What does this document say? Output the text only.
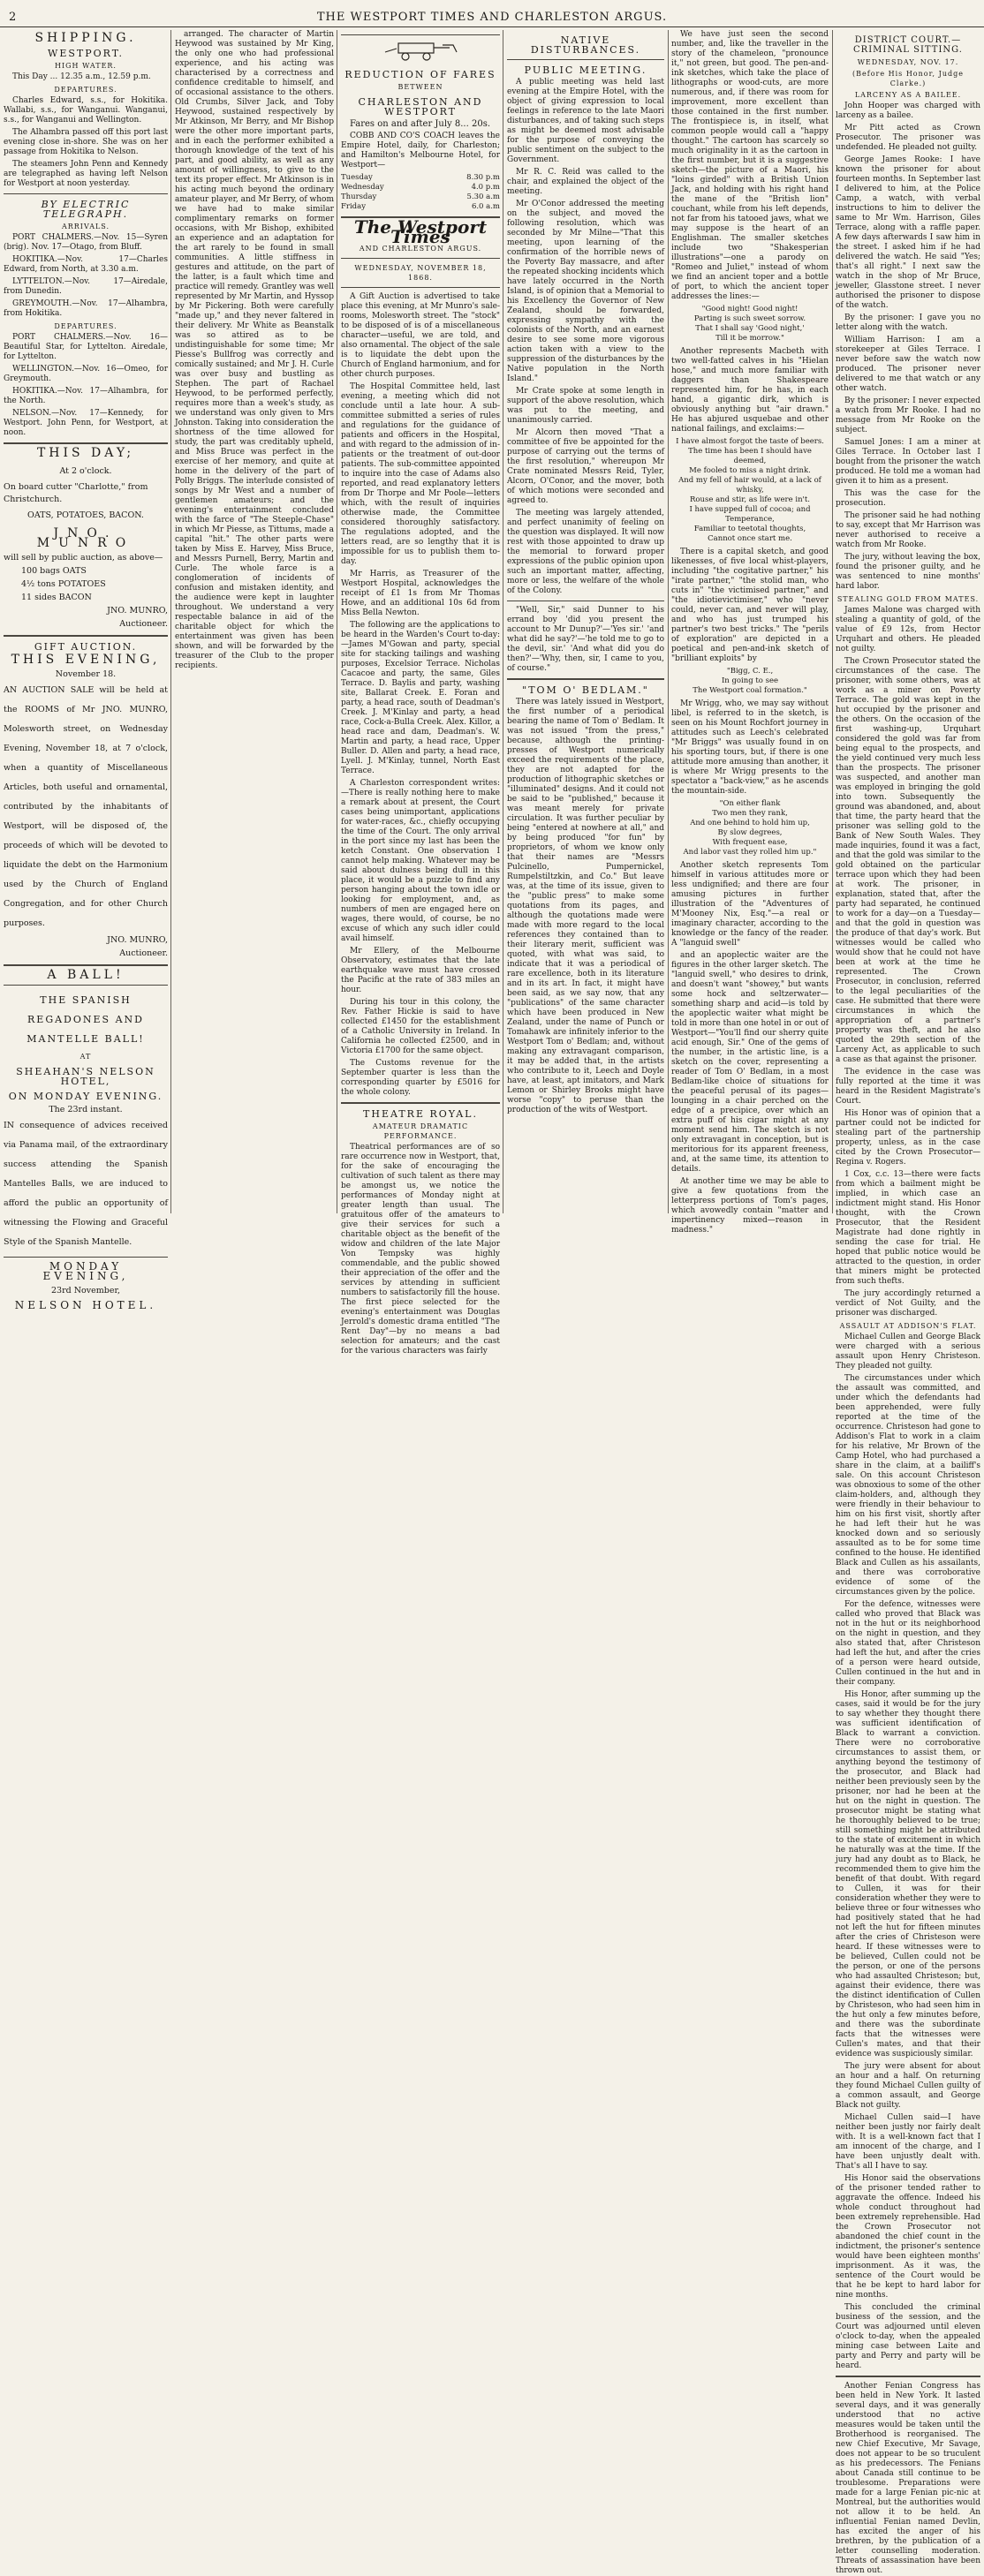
2	THE WESTPORT TIMES AND CHARLESTON ARGUS.
SHIPPING.
WESTPORT.
HIGH WATER.

This Day ... 12.35 a.m., 12.59 p.m.

DEPARTURES.

Charles Edward, s.s., for Hokitika. Wallabi, s.s., for Wanganui. Wanganui, s.s., for Wanganui and Wellington.

The Alhambra passed off this port last evening close in-shore. She was on her passage from Hokitika to Nelson.

The steamers John Penn and Kennedy are telegraphed as having left Nelson for Westport at noon yesterday.

BY ELECTRIC TELEGRAPH.
ARRIVALS.

PORT CHALMERS.—Nov. 15—Syren (brig). Nov. 17—Otago, from Bluff.

HOKITIKA.—Nov. 17—Charles Edward, from North, at 3.30 a.m.

LYTTELTON.—Nov. 17—Airedale, from Dunedin.

GREYMOUTH.—Nov. 17—Alhambra, from Hokitika.

DEPARTURES.

PORT CHALMERS.—Nov. 16—Beautiful Star, for Lyttelton. Airedale, for Lyttelton.

WELLINGTON.—Nov. 16—Omeo, for Greymouth.

HOKITIKA.—Nov. 17—Alhambra, for the North.

NELSON.—Nov. 17—Kennedy, for Westport. John Penn, for Westport, at noon.

THIS DAY;
At 2 o'clock.
On board cutter "Charlotte," from Christchurch.
OATS, POTATOES, BACON.
JNO. MUNRO
will sell by public auction, as above—
100 bags OATS
4½ tons POTATOES
11 sides BACON
JNO. MUNRO,
Auctioneer.
GIFT AUCTION.
THIS EVENING,
November 18.
AN AUCTION SALE will be held at the ROOMS of Mr JNO. MUNRO, Molesworth street, on Wednesday Evening, November 18, at 7 o'clock, when a quantity of Miscellaneous Articles, both useful and ornamental, contributed by the inhabitants of Westport, will be disposed of, the proceeds of which will be devoted to liquidate the debt on the Harmonium used by the Church of England Congregation, and for other Church purposes.
JNO. MUNRO,
Auctioneer.
A BALL!
THE SPANISH REGADONES AND MANTELLE BALL!
AT
SHEAHAN'S NELSON HOTEL,
ON MONDAY EVENING.
The 23rd instant.
IN consequence of advices received via Panama mail, of the extraordinary success attending the Spanish Mantelles Balls, we are induced to afford the public an opportunity of witnessing the Flowing and Graceful Style of the Spanish Mantelle.
MONDAY EVENING,
23rd November,
NELSON HOTEL.

arranged. The character of Martin Heywood was sustained by Mr King, the only one who had professional experience, and his acting was characterised by a correctness and confidence creditable to himself, and of occasional assistance to the others. Old Crumbs, Silver Jack, and Toby Heywood, sustained respectively by Mr Atkinson, Mr Berry, and Mr Bishop were the other more important parts, and in each the performer exhibited a thorough knowledge of the text of his part, and good ability, as well as any amount of willingness, to give to the text its proper effect. Mr Atkinson is in his acting much beyond the ordinary amateur player, and Mr Berry, of whom we have had to make similar complimentary remarks on former occasions, with Mr Bishop, exhibited an experience and an adaptation for the art rarely to be found in small communities. A little stiffness in gestures and attitude, on the part of the latter, is a fault which time and practice will remedy. Grantley was well represented by Mr Martin, and Hyssop by Mr Pickering. Both were carefully "made up," and they never faltered in their delivery. Mr White as Beanstalk was so attired as to be undistinguishable for some time; Mr Piesse's Bullfrog was correctly and comically sustained; and Mr J. H. Curle was over busy and bustling as Stephen. The part of Rachael Heywood, to be performed perfectly, requires more than a week's study, as we understand was only given to Mrs Johnston. Taking into consideration the shortness of the time allowed for study, the part was creditably upheld, and Miss Bruce was perfect in the exercise of her memory, and quite at home in the delivery of the part of Polly Briggs. The interlude consisted of songs by Mr West and a number of gentlemen amateurs; and the evening's entertainment concluded with the farce of "The Steeple-Chase" in which Mr Piesse, as Tittums, made a capital "hit." The other parts were taken by Miss E. Harvey, Miss Bruce, and Messrs Purnell, Berry, Martin and Curle. The whole farce is a conglomeration of incidents of confusion and mistaken identity, and the audience were kept in laughter throughout. We understand a very respectable balance in aid of the charitable object for which the entertainment was given has been shown, and will be forwarded by the treasurer of the Club to the proper recipients.

REDUCTION OF FARES
BETWEEN
CHARLESTON AND WESTPORT

Fares on and after July 8... 20s.

COBB AND CO'S COACH leaves the Empire Hotel, daily, for Charleston; and Hamilton's Melbourne Hotel, for Westport—

Tuesday	8.30 p.m
Wednesday	4.0 p.m
Thursday	5.30 a.m
Friday	6.0 a.m
The Westport Times
AND CHARLESTON ARGUS.
WEDNESDAY, NOVEMBER 18, 1868.

A Gift Auction is advertised to take place this evening, at Mr Munro's sale-rooms, Molesworth street. The "stock" to be disposed of is of a miscellaneous character—useful, we are told, and also ornamental. The object of the sale is to liquidate the debt upon the Church of England harmonium, and for other church purposes.

The Hospital Committee held, last evening, a meeting which did not conclude until a late hour. A sub-committee submitted a series of rules and regulations for the guidance of patients and officers in the Hospital, and with regard to the admission of in-patients or the treatment of out-door patients. The sub-committee appointed to inquire into the case of Adams also reported, and read explanatory letters from Dr Thorpe and Mr Poole—letters which, with the result of inquiries otherwise made, the Committee considered thoroughly satisfactory. The regulations adopted, and the letters read, are so lengthy that it is impossible for us to publish them to-day.

Mr Harris, as Treasurer of the Westport Hospital, acknowledges the receipt of £1 1s from Mr Thomas Howe, and an additional 10s 6d from Miss Bella Newton.

The following are the applications to be heard in the Warden's Court to-day:—James M'Gowan and party, special site for stacking tailings and washing purposes, Excelsior Terrace. Nicholas Cacacoe and party, the same, Giles Terrace. D. Baylis and party, washing site, Ballarat Creek. E. Foran and party, a head race, south of Deadman's Creek. J. M'Kinlay and party, a head race, Cock-a-Bulla Creek. Alex. Killor, a head race and dam, Deadman's. W. Martin and party, a head race, Upper Buller. D. Allen and party, a head race, Lyell. J. M'Kinlay, tunnel, North East Terrace.

A Charleston correspondent writes:—There is really nothing here to make a remark about at present, the Court cases being unimportant, applications for water-races, &c., chiefly occupying the time of the Court. The only arrival in the port since my last has been the ketch Constant. One observation I cannot help making. Whatever may be said about dulness being dull in this place, it would be a puzzle to find any person hanging about the town idle or looking for employment, and, as numbers of men are engaged here on wages, there would, of course, be no excuse of which any such idler could avail himself.

Mr Ellery, of the Melbourne Observatory, estimates that the late earthquake wave must have crossed the Pacific at the rate of 383 miles an hour.

During his tour in this colony, the Rev. Father Hickie is said to have collected £1450 for the establishment of a Catholic University in Ireland. In California he collected £2500, and in Victoria £1700 for the same object.

The Customs revenue for the September quarter is less than the corresponding quarter by £5016 for the whole colony.

THEATRE ROYAL.
AMATEUR DRAMATIC PERFORMANCE.

Theatrical performances are of so rare occurrence now in Westport, that, for the sake of encouraging the cultivation of such talent as there may be amongst us, we notice the performances of Monday night at greater length than usual. The gratuitous offer of the amateurs to give their services for such a charitable object as the benefit of the widow and children of the late Major Von Tempsky was highly commendable, and the public showed their appreciation of the offer and the services by attending in sufficient numbers to satisfactorily fill the house. The first piece selected for the evening's entertainment was Douglas Jerrold's domestic drama entitled "The Rent Day"—by no means a bad selection for amateurs; and the cast for the various characters was fairly

NATIVE DISTURBANCES.
PUBLIC MEETING.

A public meeting was held last evening at the Empire Hotel, with the object of giving expression to local feelings in reference to the late Maori disturbances, and of taking such steps as might be deemed most advisable for the purpose of conveying the public sentiment on the subject to the Government.

Mr R. C. Reid was called to the chair, and explained the object of the meeting.

Mr O'Conor addressed the meeting on the subject, and moved the following resolution, which was seconded by Mr Milne—"That this meeting, upon learning of the confirmation of the horrible news of the Poverty Bay massacre, and after the repeated shocking incidents which have lately occurred in the North Island, is of opinion that a Memorial to his Excellency the Governor of New Zealand, should be forwarded, expressing sympathy with the colonists of the North, and an earnest desire to see some more vigorous action taken with a view to the suppression of the disturbances by the Native population in the North Island."

Mr Crate spoke at some length in support of the above resolution, which was put to the meeting, and unanimously carried.

Mr Alcorn then moved "That a committee of five be appointed for the purpose of carrying out the terms of the first resolution," whereupon Mr Crate nominated Messrs Reid, Tyler, Alcorn, O'Conor, and the mover, both of which motions were seconded and agreed to.

The meeting was largely attended, and perfect unanimity of feeling on the question was displayed. It will now rest with those appointed to draw up the memorial to forward proper expressions of the public opinion upon such an important matter, affecting, more or less, the welfare of the whole of the Colony.

"Well, Sir," said Dunner to his errand boy 'did you present the account to Mr Dunup?'—'Yes sir.' 'and what did he say?'—'he told me to go to the devil, sir.' 'And what did you do then?'—'Why, then, sir, I came to you, of course."

"TOM O' BEDLAM."

There was lately issued in Westport, the first number of a periodical bearing the name of Tom o' Bedlam. It was not issued "from the press," because, although the printing-presses of Westport numerically exceed the requirements of the place, they are not adapted for the production of lithographic sketches or "illuminated" designs. And it could not be said to be "published," because it was meant merely for private circulation. It was further peculiar by being "entered at nowhere at all," and by being produced "for fun" by proprietors, of whom we know only that their names are "Messrs Pulcinello, Pumpernickel, Rumpelstiltzkin, and Co." But leave was, at the time of its issue, given to the "public press" to make some quotations from its pages, and although the quotations made were made with more regard to the local references they contained than to their literary merit, sufficient was quoted, with what was said, to indicate that it was a periodical of rare excellence, both in its literature and in its art. In fact, it might have been said, as we say now, that any "publications" of the same character which have been produced in New Zealand, under the name of Punch or Tomahawk are infinitely inferior to the Westport Tom o' Bedlam; and, without making any extravagant comparison, it may be added that, in the artists who contribute to it, Leech and Doyle have, at least, apt imitators, and Mark Lemon or Shirley Brooks might have worse "copy" to peruse than the production of the wits of Westport.

We have just seen the second number, and, like the traveller in the story of the chameleon, "pronounce it," not green, but good. The pen-and-ink sketches, which take the place of lithographs or wood-cuts, are more numerous, and, if there was room for improvement, more excellent than those contained in the first number. The frontispiece is, in itself, what common people would call a "happy thought." The cartoon has scarcely so much originality in it as the cartoon in the first number, but it is a suggestive sketch—the picture of a Maori, his "loins girded" with a British Union Jack, and holding with his right hand the mane of the "British lion" couchant, while from his left depends, not far from his tatooed jaws, what we may suppose is the heart of an Englishman. The smaller sketches include two "Shakesperian illustrations"—one a parody on "Romeo and Juliet," instead of whom we find an ancient toper and a bottle of port, to which the ancient toper addresses the lines:—

"Good night! Good night!
Parting is such sweet sorrow.
That I shall say 'Good night,'
Till it be morrow."

Another represents Macbeth with two well-fatted calves in his "Hielan hose," and much more familiar with daggers than Shakespeare represented him, for he has, in each hand, a gigantic dirk, which is obviously anything but "air drawn." He has abjured usquebae and other national failings, and exclaims:—

I have almost forgot the taste of beers.
The time has been I should have deemed,
Me fooled to miss a night drink.
And my fell of hair would, at a lack of whisky,
Rouse and stir, as life were in't.
I have supped full of cocoa; and Temperance,
Familiar to teetotal thoughts,
Cannot once start me.

There is a capital sketch, and good likenesses, of five local whist-players, including "the cogitative partner," his "irate partner," "the stolid man, who cuts in" "the victimised partner," and "the idiotievictimiser," who "never could, never can, and never will play, and who has just trumped his partner's two best tricks." The "perils of exploration" are depicted in a poetical and pen-and-ink sketch of "brilliant exploits" by

"Bigg, C. E.,
In going to see
The Westport coal formation."

Mr Wrigg, who, we may say without libel, is referred to in the sketch, is seen on his Mount Rochfort journey in attitudes such as Leech's celebrated "Mr Briggs" was usually found in on his sporting tours, but, if there is one attitude more amusing than another, it is where Mr Wrigg presents to the spectator a "back-view," as he ascends the mountain-side.

"On either flank
Two men they rank,
And one behind to hold him up,
By slow degrees,
With frequent ease,
And labor vast they rolled him up."

Another sketch represents Tom himself in various attitudes more or less undignified; and there are four amusing pictures in further illustration of the "Adventures of M'Mooney Nix, Esq."—a real or imaginary character, according to the knowledge or the fancy of the reader. A "languid swell"

and an apoplectic waiter are the figures in the other larger sketch. The "languid swell," who desires to drink, and doesn't want "showey," but wants some hock and seltzerwater—something sharp and acid—is told by the apoplectic waiter what might be told in more than one hotel in or out of Westport—"You'll find our sherry quite acid enough, Sir." One of the gems of the number, in the artistic line, is a sketch on the cover, representing a reader of Tom O' Bedlam, in a most Bedlam-like choice of situations for the peaceful perusal of its pages—lounging in a chair perched on the edge of a precipice, over which an extra puff of his cigar might at any moment send him. The sketch is not only extravagant in conception, but is meritorious for its apparent freeness, and, at the same time, its attention to details.

At another time we may be able to give a few quotations from the letterpress portions of Tom's pages, which avowedly contain "matter and impertinency mixed—reason in madness."

DISTRICT COURT.—CRIMINAL SITTING.
WEDNESDAY, NOV. 17.
(Before His Honor, Judge Clarke.)
LARCENY AS A BAILEE.

John Hooper was charged with larceny as a bailee.

Mr Pitt acted as Crown Prosecutor. The prisoner was undefended. He pleaded not guilty.

George James Rooke: I have known the prisoner for about fourteen months. In September last I delivered to him, at the Police Camp, a watch, with verbal instructions to him to deliver the same to Mr Wm. Harrison, Giles Terrace, along with a raffle paper. A few days afterwards I saw him in the street. I asked him if he had delivered the watch. He said "Yes; that's all right." I next saw the watch in the shop of Mr Bruce, jeweller, Glasstone street. I never authorised the prisoner to dispose of the watch.

By the prisoner: I gave you no letter along with the watch.

William Harrison: I am a storekeeper at Giles Terrace. I never before saw the watch now produced. The prisoner never delivered to me that watch or any other watch.

By the prisoner: I never expected a watch from Mr Rooke. I had no message from Mr Rooke on the subject.

Samuel Jones: I am a miner at Giles Terrace. In October last I bought from the prisoner the watch produced. He told me a woman had given it to him as a present.

This was the case for the prosecution.

The prisoner said he had nothing to say, except that Mr Harrison was never authorised to receive a watch from Mr Rooke.

The jury, without leaving the box, found the prisoner guilty, and he was sentenced to nine months' hard labor.

STEALING GOLD FROM MATES.

James Malone was charged with stealing a quantity of gold, of the value of £9 12s, from Hector Urquhart and others. He pleaded not guilty.

The Crown Prosecutor stated the circumstances of the case. The prisoner, with some others, was at work as a miner on Poverty Terrace. The gold was kept in the hut occupied by the prisoner and the others. On the occasion of the first washing-up, Urquhart considered the gold was far from being equal to the prospects, and the yield continued very much less than the prospects. The prisoner was suspected, and another man was employed in bringing the gold into town. Subsequently the ground was abandoned, and, about that time, the party heard that the prisoner was selling gold to the Bank of New South Wales. They made inquiries, found it was a fact, and that the gold was similar to the gold obtained on the particular terrace upon which they had been at work. The prisoner, in explanation, stated that, after the party had separated, he continued to work for a day—on a Tuesday—and that the gold in question was the produce of that day's work. But witnesses would be called who would show that he could not have been at work at the time he represented. The Crown Prosecutor, in conclusion, referred to the legal peculiarities of the case. He submitted that there were circumstances in which the appropriation of a partner's property was theft, and he also quoted the 29th section of the Larceny Act, as applicable to such a case as that against the prisoner.

The evidence in the case was fully reported at the time it was heard in the Resident Magistrate's Court.

His Honor was of opinion that a partner could not be indicted for stealing part of the partnership property, unless, as in the case cited by the Crown Prosecutor—Regina v. Rogers.

1 Cox, c.c. 13—there were facts from which a bailment might be implied, in which case an indictment might stand. His Honor thought, with the Crown Prosecutor, that the Resident Magistrate had done rightly in sending the case for trial. He hoped that public notice would be attracted to the question, in order that miners might be protected from such thefts.

The jury accordingly returned a verdict of Not Guilty, and the prisoner was discharged.

ASSAULT AT ADDISON'S FLAT.

Michael Cullen and George Black were charged with a serious assault upon Henry Christeson. They pleaded not guilty.

The circumstances under which the assault was committed, and under which the defendants had been apprehended, were fully reported at the time of the occurrence. Christeson had gone to Addison's Flat to work in a claim for his relative, Mr Brown of the Camp Hotel, who had purchased a share in the claim, at a bailiff's sale. On this account Christeson was obnoxious to some of the other claim-holders, and, although they were friendly in their behaviour to him on his first visit, shortly after he had left their hut he was knocked down and so seriously assaulted as to be for some time confined to the house. He identified Black and Cullen as his assailants, and there was corroborative evidence of some of the circumstances given by the police.

For the defence, witnesses were called who proved that Black was not in the hut or its neighborhood on the night in question, and they also stated that, after Christeson had left the hut, and after the cries of a person were heard outside, Cullen continued in the hut and in their company.

His Honor, after summing up the cases, said it would be for the jury to say whether they thought there was sufficient identification of Black to warrant a conviction. There were no corroborative circumstances to assist them, or anything beyond the testimony of the prosecutor, and Black had neither been previously seen by the prisoner, nor had he been at the hut on the night in question. The prosecutor might be stating what he thoroughly believed to be true; still something might be attributed to the state of excitement in which he naturally was at the time. If the jury had any doubt as to Black, he recommended them to give him the benefit of that doubt. With regard to Cullen, it was for their consideration whether they were to believe three or four witnesses who had positively stated that he had not left the hut for fifteen minutes after the cries of Christeson were heard. If these witnesses were to be believed, Cullen could not be the person, or one of the persons who had assaulted Christeson; but, against their evidence, there was the distinct identification of Cullen by Christeson, who had seen him in the hut only a few minutes before, and there was the subordinate facts that the witnesses were Cullen's mates, and that their evidence was suspiciously similar.

The jury were absent for about an hour and a half. On returning they found Michael Cullen guilty of a common assault, and George Black not guilty.

Michael Cullen said—I have neither been justly nor fairly dealt with. It is a well-known fact that I am innocent of the charge, and I have been unjustly dealt with. That's all I have to say.

His Honor said the observations of the prisoner tended rather to aggravate the offence. Indeed his whole conduct throughout had been extremely reprehensible. Had the Crown Prosecutor not abandoned the chief count in the indictment, the prisoner's sentence would have been eighteen months' imprisonment. As it was, the sentence of the Court would be that he be kept to hard labor for nine months.

This concluded the criminal business of the session, and the Court was adjourned until eleven o'clock to-day, when the appealed mining case between Laite and party and Perry and party will be heard.

Another Fenian Congress has been held in New York. It lasted several days, and it was generally understood that no active measures would be taken until the Brotherhood is reorganised. The new Chief Executive, Mr Savage, does not appear to be so truculent as his predecessors. The Fenians about Canada still continue to be troublesome. Preparations were made for a large Fenian pic-nic at Montreal, but the authorities would not allow it to be held. An influential Fenian named Devlin, has excited the anger of his brethren, by the publication of a letter counselling moderation. Threats of assassination have been thrown out.
